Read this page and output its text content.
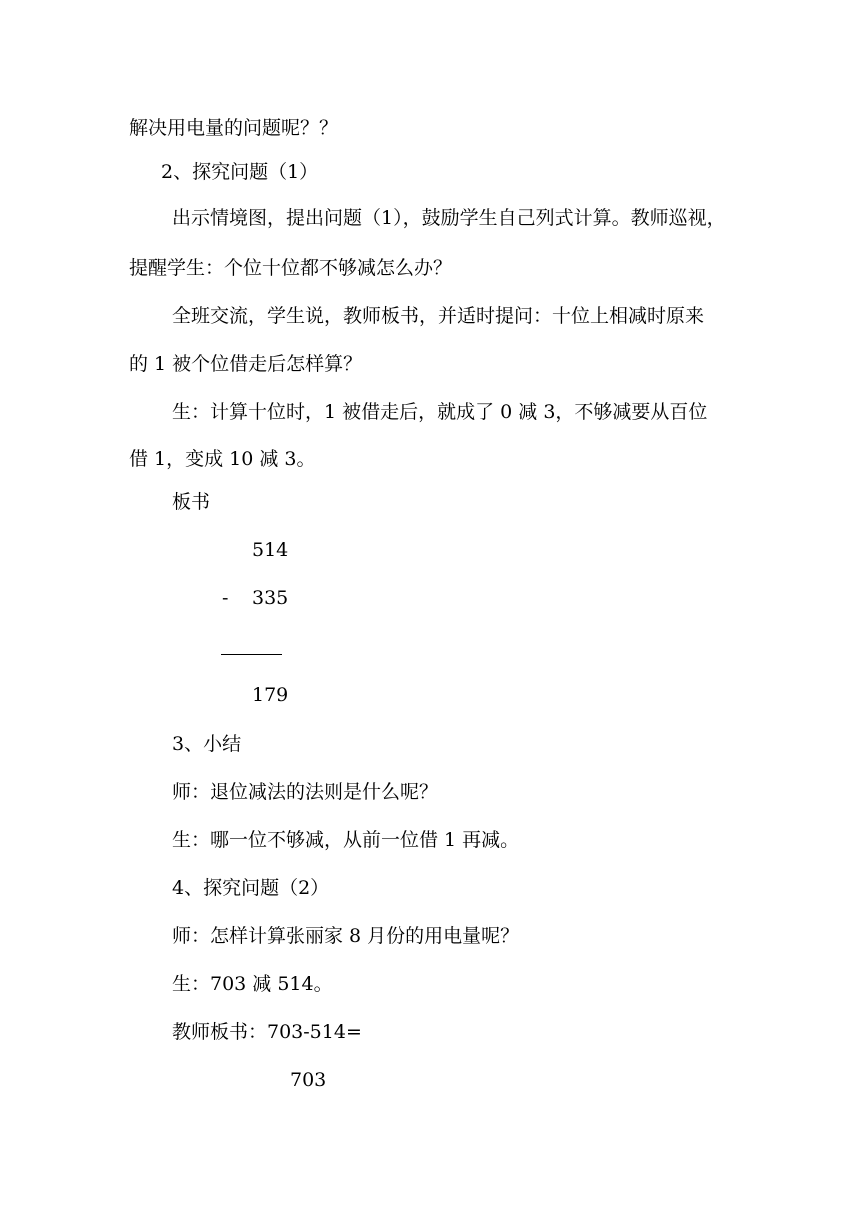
解决用电量的问题呢？？
2、探究问题（1）
出示情境图，提出问题（1），鼓励学生自己列式计算。教师巡视，
提醒学生：个位十位都不够减怎么办？
全班交流，学生说，教师板书，并适时提问：十位上相减时原来
的 1 被个位借走后怎样算？
生：计算十位时，1 被借走后，就成了 0 减 3，不够减要从百位
借 1，变成 10 减 3。
板书
514
- 335
179
3、小结
师：退位减法的法则是什么呢？
生：哪一位不够减，从前一位借 1 再减。
4、探究问题（2）
师：怎样计算张丽家 8 月份的用电量呢？
生：703 减 514。
教师板书：703-514=
703
